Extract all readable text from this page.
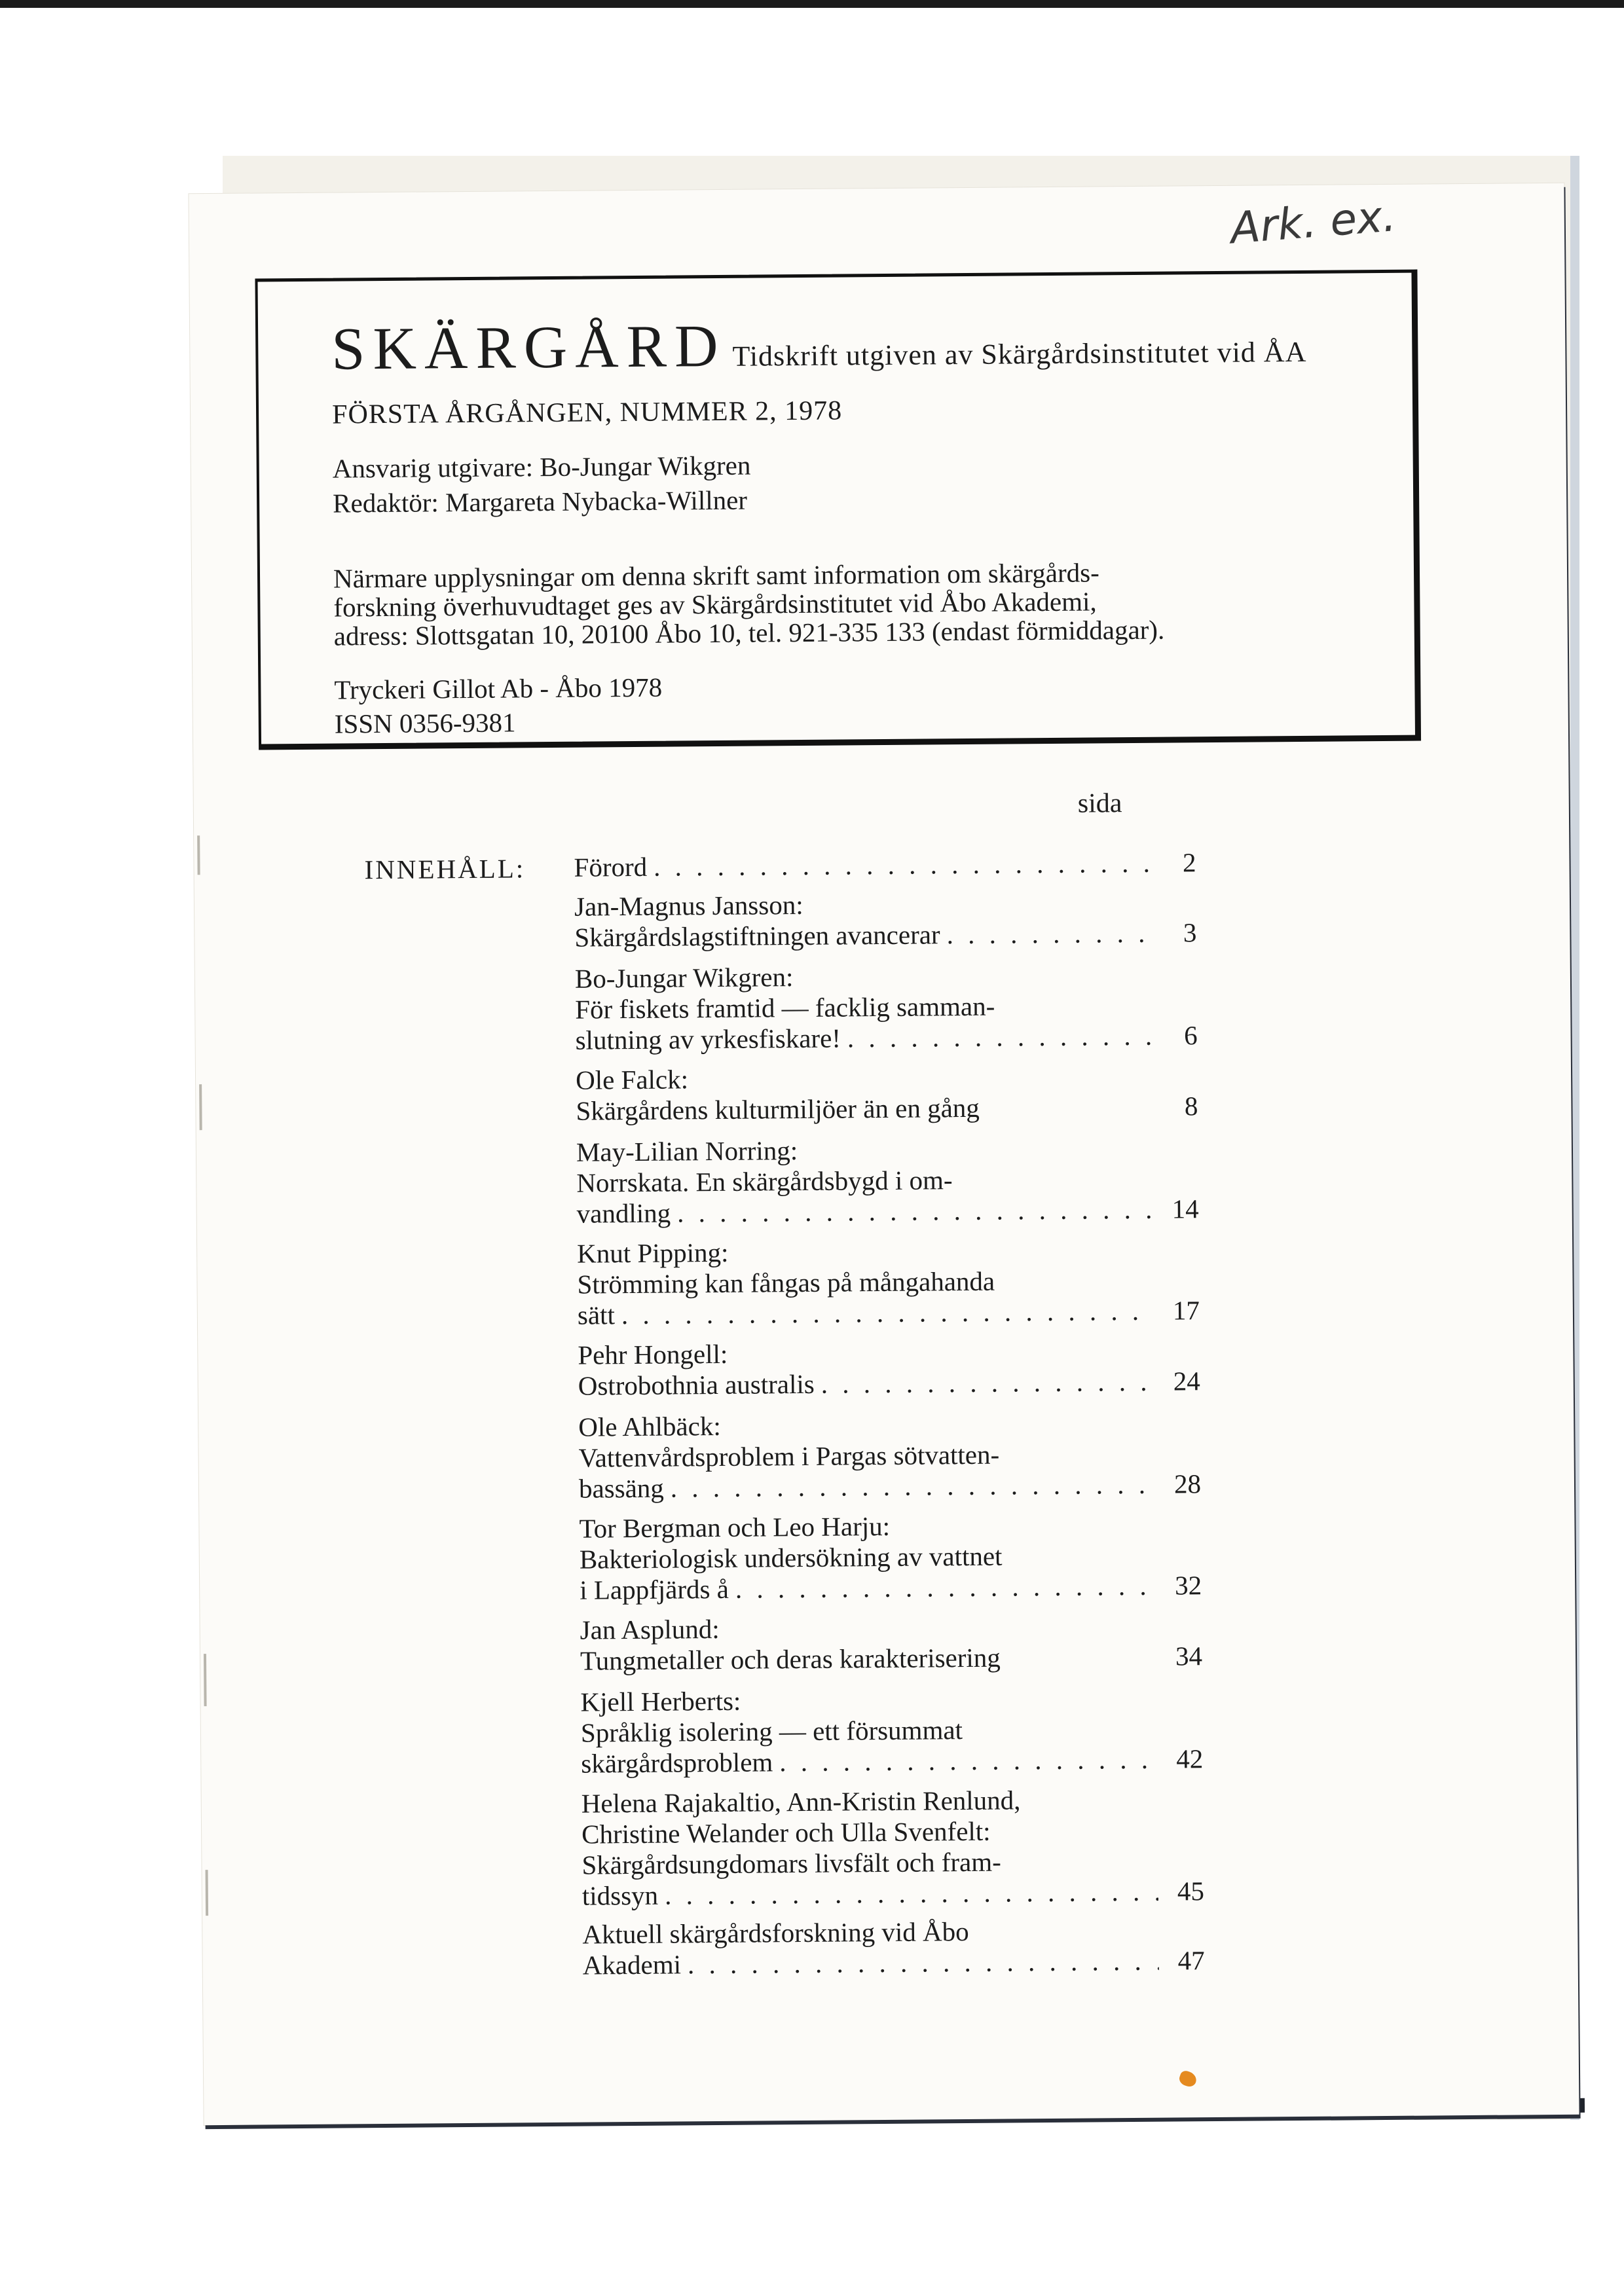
Ark. ex.
SKÄRGÅRD Tidskrift utgiven av Skärgårdsinstitutet vid ÅA
FÖRSTA ÅRGÅNGEN, NUMMER 2, 1978
Ansvarig utgivare: Bo-Jungar Wikgren
Redaktör: Margareta Nybacka-Willner
Närmare upplysningar om denna skrift samt information om skärgårds-
forskning överhuvudtaget ges av Skärgårdsinstitutet vid Åbo Akademi,
adress: Slottsgatan 10, 20100 Åbo 10, tel. 921-335 133 (endast förmiddagar).
Tryckeri Gillot Ab - Åbo 1978
ISSN 0356-9381
sida
INNEHÅLL: Förord . . .	2
Jan-Magnus Jansson:
Skärgårdslagstiftningen avancerar . . .	3
Bo-Jungar Wikgren:
För fiskets framtid — facklig samman-
slutning av yrkesfiskare! . . .	6
Ole Falck:
Skärgårdens kulturmiljöer än en gång	8
May-Lilian Norring:
Norrskata. En skärgårdsbygd i om-
vandling . . .	14
Knut Pipping:
Strömming kan fångas på mångahanda
sätt . . .	17
Pehr Hongell:
Ostrobothnia australis . . .	24
Ole Ahlbäck:
Vattenvårdsproblem i Pargas sötvatten-
bassäng . . .	28
Tor Bergman och Leo Harju:
Bakteriologisk undersökning av vattnet
i Lappfjärds å . . .	32
Jan Asplund:
Tungmetaller och deras karakterisering	34
Kjell Herberts:
Språklig isolering — ett försummat
skärgårdsproblem . . .	42
Helena Rajakaltio, Ann-Kristin Renlund,
Christine Welander och Ulla Svenfelt:
Skärgårdsungdomars livsfält och fram-
tidssyn . . .	45
Aktuell skärgårdsforskning vid Åbo
Akademi . . .	47
